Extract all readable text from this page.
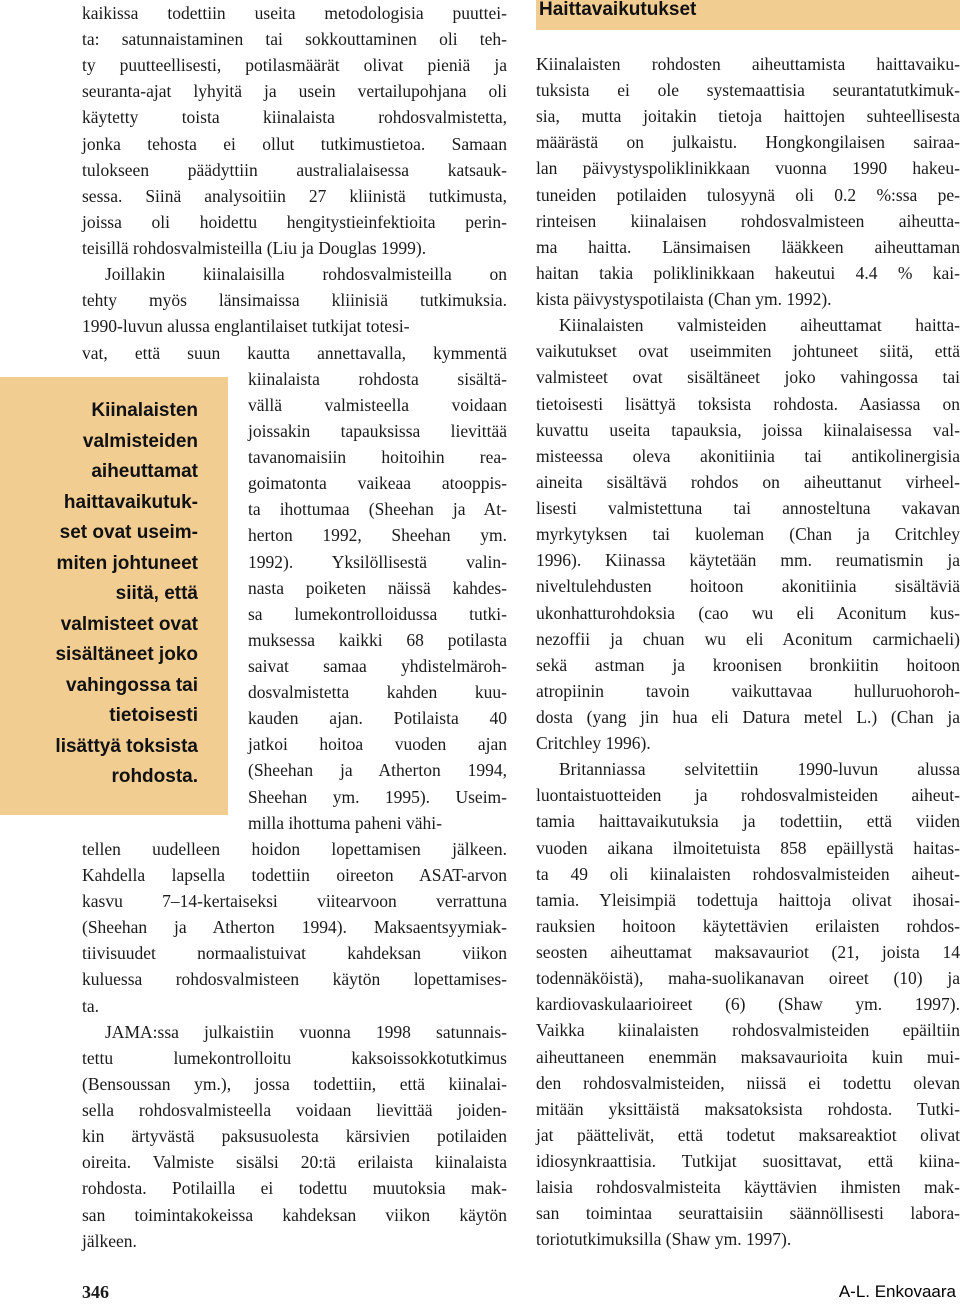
Haittavaikutukset
Kiinalaisten
valmisteiden
aiheuttamat
haittavaikutuk-
set ovat useim-
miten johtuneet
siitä, että
valmisteet ovat
sisältäneet joko
vahingossa tai
tietoisesti
lisättyä toksista
rohdosta.
kaikissa todettiin useita metodologisia puuttei-
ta: satunnaistaminen tai sokkouttaminen oli teh-
ty puutteellisesti, potilasmäärät olivat pieniä ja
seuranta-ajat lyhyitä ja usein vertailupohjana oli
käytetty toista kiinalaista rohdosvalmistetta,
jonka tehosta ei ollut tutkimustietoa. Samaan
tulokseen päädyttiin australialaisessa katsauk-
sessa. Siinä analysoitiin 27 kliinistä tutkimusta,
joissa oli hoidettu hengitystieinfektioita perin-
teisillä rohdosvalmisteilla (Liu ja Douglas 1999).
Joillakin kiinalaisilla rohdosvalmisteilla on
tehty myös länsimaissa kliinisiä tutkimuksia.
1990-luvun alussa englantilaiset tutkijat totesi-
vat, että suun kautta annettavalla, kymmentä
kiinalaista rohdosta sisältä-
vällä valmisteella voidaan
joissakin tapauksissa lievittää
tavanomaisiin hoitoihin rea-
goimatonta vaikeaa atooppis-
ta ihottumaa (Sheehan ja At-
herton 1992, Sheehan ym.
1992). Yksilöllisestä valin-
nasta poiketen näissä kahdes-
sa lumekontrolloidussa tutki-
muksessa kaikki 68 potilasta
saivat samaa yhdistelmäroh-
dosvalmistetta kahden kuu-
kauden ajan. Potilaista 40
jatkoi hoitoa vuoden ajan
(Sheehan ja Atherton 1994,
Sheehan ym. 1995). Useim-
milla ihottuma paheni vähi-
tellen uudelleen hoidon lopettamisen jälkeen.
Kahdella lapsella todettiin oireeton ASAT-arvon
kasvu 7–14-kertaiseksi viitearvoon verrattuna
(Sheehan ja Atherton 1994). Maksaentsyymiak-
tiivisuudet normaalistuivat kahdeksan viikon
kuluessa rohdosvalmisteen käytön lopettamises-
ta.
JAMA:ssa julkaistiin vuonna 1998 satunnais-
tettu lumekontrolloitu kaksoissokkotutkimus
(Bensoussan ym.), jossa todettiin, että kiinalai-
sella rohdosvalmisteella voidaan lievittää joiden-
kin ärtyvästä paksusuolesta kärsivien potilaiden
oireita. Valmiste sisälsi 20:tä erilaista kiinalaista
rohdosta. Potilailla ei todettu muutoksia mak-
san toimintakokeissa kahdeksan viikon käytön
jälkeen.
Kiinalaisten rohdosten aiheuttamista haittavaiku-
tuksista ei ole systemaattisia seurantatutkimuk-
sia, mutta joitakin tietoja haittojen suhteellisesta
määrästä on julkaistu. Hongkongilaisen sairaa-
lan päivystyspoliklinikkaan vuonna 1990 hakeu-
tuneiden potilaiden tulosyynä oli 0.2 %:ssa pe-
rinteisen kiinalaisen rohdosvalmisteen aiheutta-
ma haitta. Länsimaisen lääkkeen aiheuttaman
haitan takia poliklinikkaan hakeutui 4.4 % kai-
kista päivystyspotilaista (Chan ym. 1992).
Kiinalaisten valmisteiden aiheuttamat haitta-
vaikutukset ovat useimmiten johtuneet siitä, että
valmisteet ovat sisältäneet joko vahingossa tai
tietoisesti lisättyä toksista rohdosta. Aasiassa on
kuvattu useita tapauksia, joissa kiinalaisessa val-
misteessa oleva akonitiinia tai antikolinergisia
aineita sisältävä rohdos on aiheuttanut virheel-
lisesti valmistettuna tai annosteltuna vakavan
myrkytyksen tai kuoleman (Chan ja Critchley
1996). Kiinassa käytetään mm. reumatismin ja
niveltulehdusten hoitoon akonitiinia sisältäviä
ukonhatturohdoksia (cao wu eli Aconitum kus-
nezoffii ja chuan wu eli Aconitum carmichaeli)
sekä astman ja kroonisen bronkiitin hoitoon
atropiinin tavoin vaikuttavaa hulluruohoroh-
dosta (yang jin hua eli Datura metel L.) (Chan ja
Critchley 1996).
Britanniassa selvitettiin 1990-luvun alussa
luontaistuotteiden ja rohdosvalmisteiden aiheut-
tamia haittavaikutuksia ja todettiin, että viiden
vuoden aikana ilmoitetuista 858 epäillystä haitas-
ta 49 oli kiinalaisten rohdosvalmisteiden aiheut-
tamia. Yleisimpiä todettuja haittoja olivat ihosai-
rauksien hoitoon käytettävien erilaisten rohdos-
seosten aiheuttamat maksavauriot (21, joista 14
todennäköistä), maha-suolikanavan oireet (10) ja
kardiovaskulaarioireet (6) (Shaw ym. 1997).
Vaikka kiinalaisten rohdosvalmisteiden epäiltiin
aiheuttaneen enemmän maksavaurioita kuin mui-
den rohdosvalmisteiden, niissä ei todettu olevan
mitään yksittäistä maksatoksista rohdosta. Tutki-
jat päättelivät, että todetut maksareaktiot olivat
idiosynkraattisia. Tutkijat suosittavat, että kiina-
laisia rohdosvalmisteita käyttävien ihmisten mak-
san toimintaa seurattaisiin säännöllisesti labora-
toriotutkimuksilla (Shaw ym. 1997).
346	A-L. Enkovaara
